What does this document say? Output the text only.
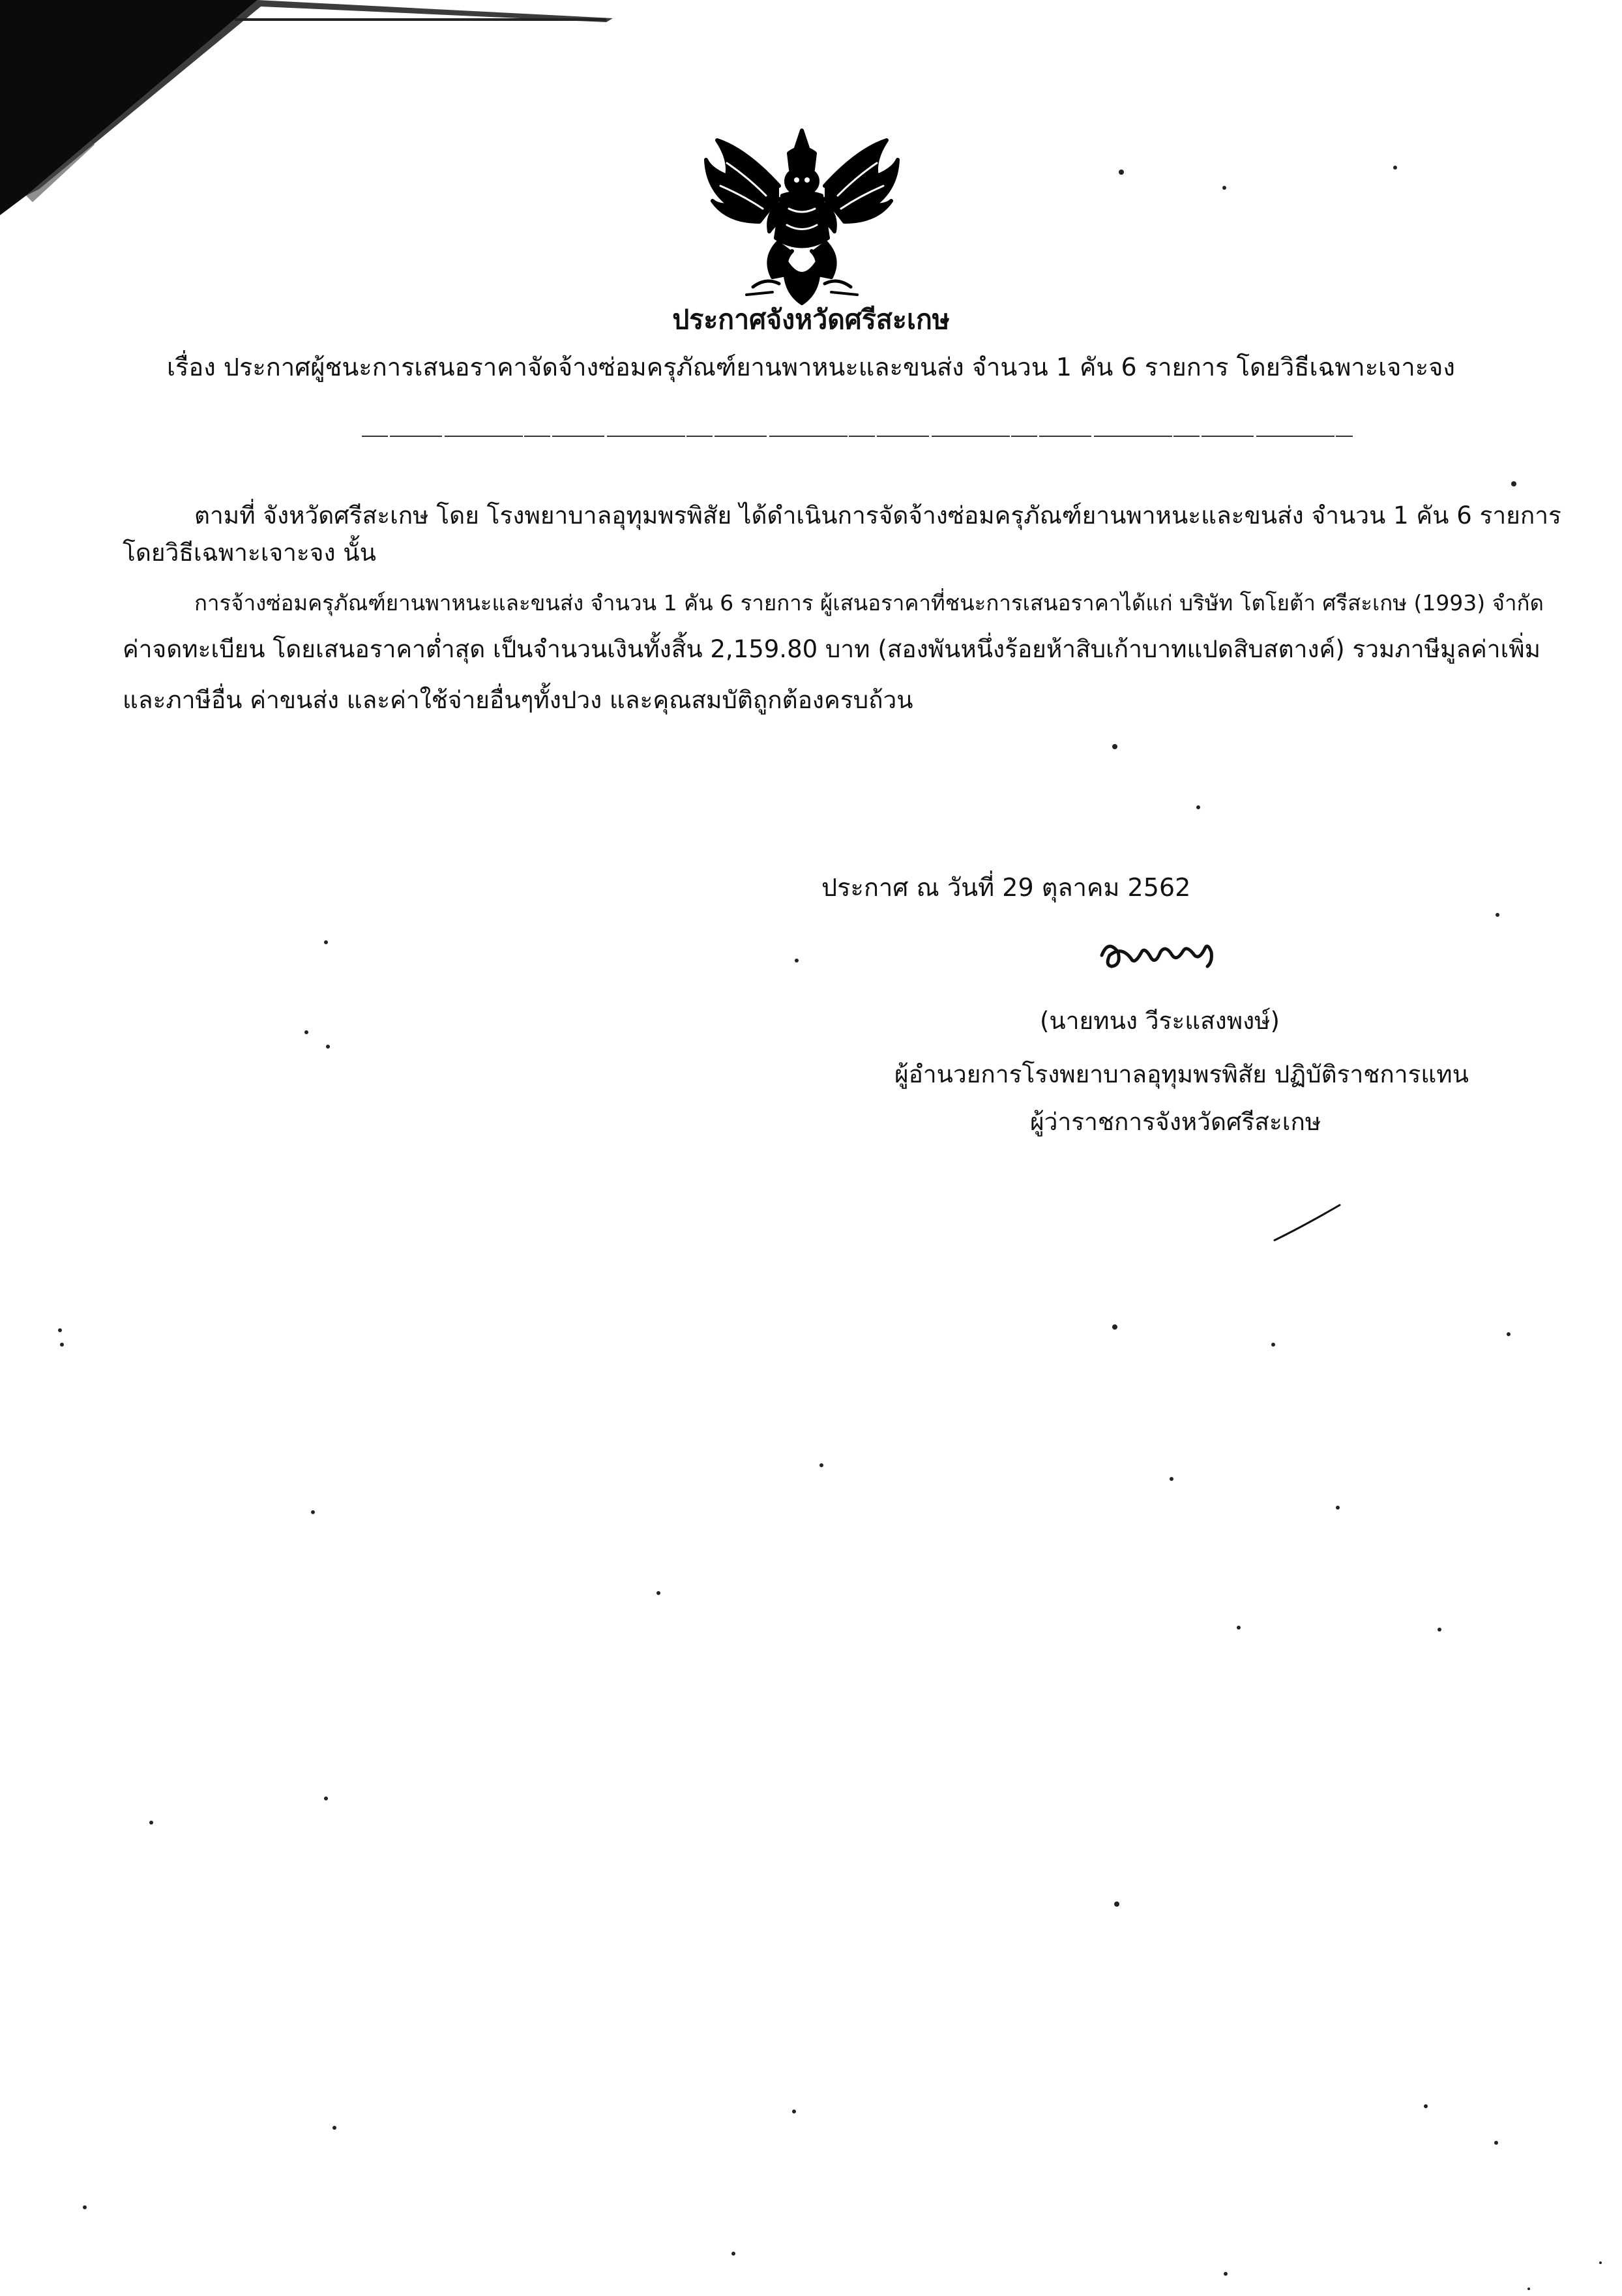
ประกาศจังหวัดศรีสะเกษ
เรื่อง ประกาศผู้ชนะการเสนอราคาจัดจ้างซ่อมครุภัณฑ์ยานพาหนะและขนส่ง จำนวน 1 คัน 6 รายการ โดยวิธีเฉพาะเจาะจง
ตามที่ จังหวัดศรีสะเกษ โดย โรงพยาบาลอุทุมพรพิสัย ได้ดำเนินการจัดจ้างซ่อมครุภัณฑ์ยานพาหนะและขนส่ง จำนวน 1 คัน 6 รายการ
โดยวิธีเฉพาะเจาะจง นั้น
การจ้างซ่อมครุภัณฑ์ยานพาหนะและขนส่ง จำนวน 1 คัน 6 รายการ ผู้เสนอราคาที่ชนะการเสนอราคาได้แก่ บริษัท โตโยต้า ศรีสะเกษ (1993) จำกัด
ค่าจดทะเบียน โดยเสนอราคาต่ำสุด เป็นจำนวนเงินทั้งสิ้น 2,159.80 บาท (สองพันหนึ่งร้อยห้าสิบเก้าบาทแปดสิบสตางค์) รวมภาษีมูลค่าเพิ่ม
และภาษีอื่น ค่าขนส่ง และค่าใช้จ่ายอื่นๆทั้งปวง และคุณสมบัติถูกต้องครบถ้วน
ประกาศ ณ วันที่ 29 ตุลาคม 2562
(นายทนง วีระแสงพงษ์)
ผู้อำนวยการโรงพยาบาลอุทุมพรพิสัย ปฏิบัติราชการแทน
ผู้ว่าราชการจังหวัดศรีสะเกษ
